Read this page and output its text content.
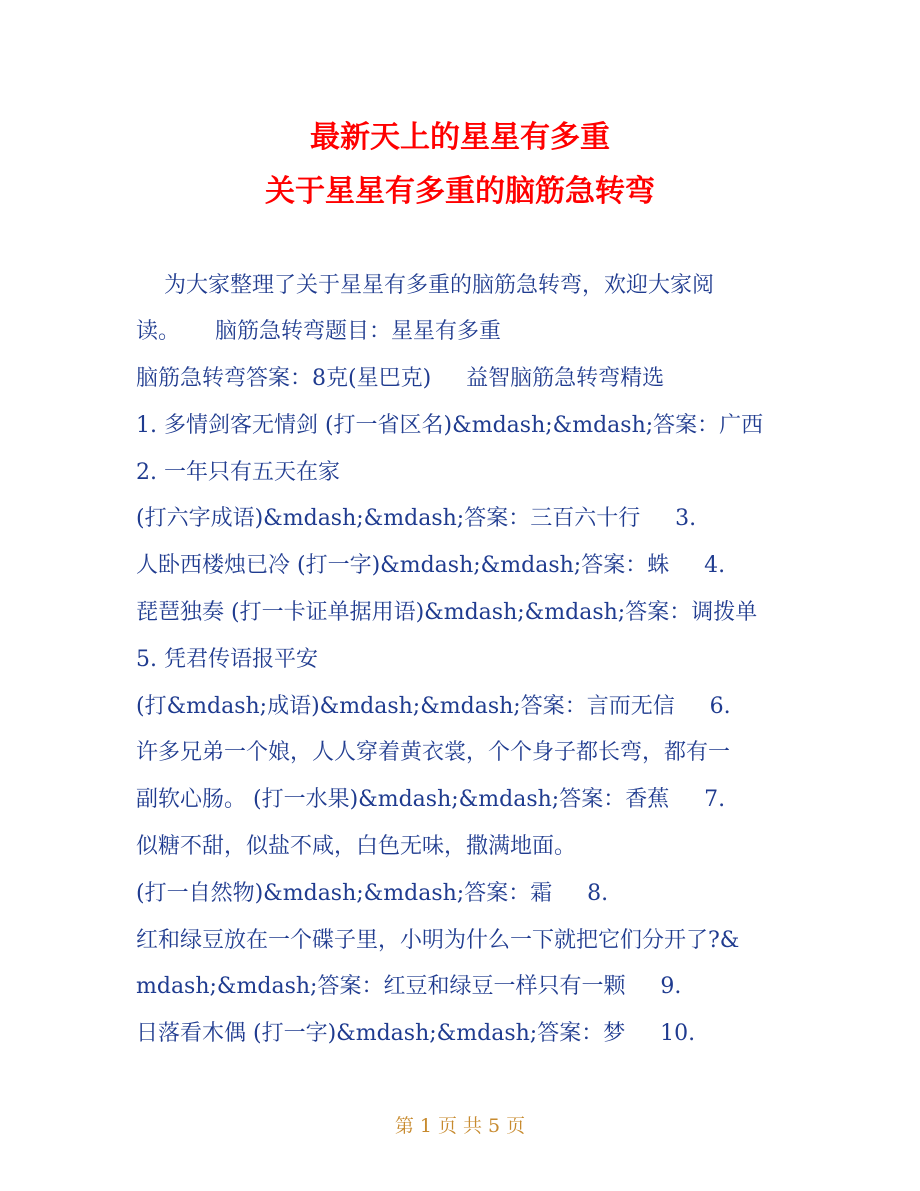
最新天上的星星有多重
关于星星有多重的脑筋急转弯
为大家整理了关于星星有多重的脑筋急转弯，欢迎大家阅
读。     脑筋急转弯题目：星星有多重
脑筋急转弯答案：8克(星巴克)     益智脑筋急转弯精选
1. 多情剑客无情剑 (打一省区名)&mdash;&mdash;答案：广西
2. 一年只有五天在家
(打六字成语)&mdash;&mdash;答案：三百六十行     3.
人卧西楼烛已冷 (打一字)&mdash;&mdash;答案：蛛     4.
琵琶独奏 (打一卡证单据用语)&mdash;&mdash;答案：调拨单
5. 凭君传语报平安
(打&mdash;成语)&mdash;&mdash;答案：言而无信     6.
许多兄弟一个娘，人人穿着黄衣裳，个个身子都长弯，都有一
副软心肠。 (打一水果)&mdash;&mdash;答案：香蕉     7.
似糖不甜，似盐不咸，白色无味，撒满地面。
(打一自然物)&mdash;&mdash;答案：霜     8.
红和绿豆放在一个碟子里，小明为什么一下就把它们分开了?&
mdash;&mdash;答案：红豆和绿豆一样只有一颗     9.
日落看木偶 (打一字)&mdash;&mdash;答案：梦     10.
第 1 页 共 5 页
